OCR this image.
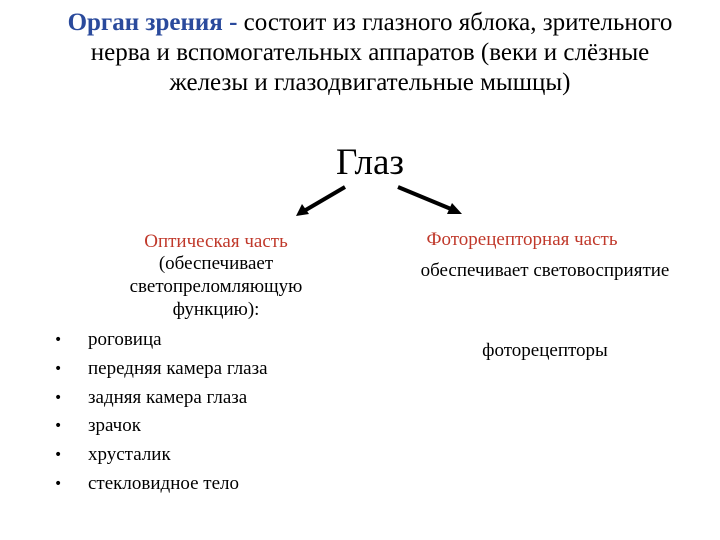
Орган зрения - состоит из глазного яблока, зрительного нерва и вспомогательных аппаратов (веки и слёзные железы и глазодвигательные мышцы)
Глаз
Оптическая часть
(обеспечивает светопреломляющую функцию):
• роговица
• передняя камера глаза
• задняя камера глаза
• зрачок
• хрусталик
• стекловидное тело
Фоторецепторная часть
обеспечивает световосприятие
фоторецепторы
